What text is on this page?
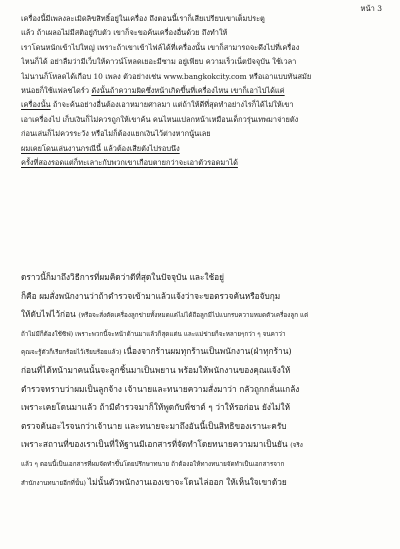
หน้า 3
เครื่องนี้มีเพลงละเมิดลิขสิทธิ์อยู่ในเครื่อง ถึงตอนนี้เราก็เสียเปรียบเขาเต็มประตู
แล้ว ถ้าเผลอไม่มีสติอยู่กับตัว เขาก็จะขอค้นเครื่องอื่นด้วย ถึงทำให้
เราโดนหนักเข้าไปใหญ่ เพราะถ้าเขาเข้าไฟล์ได้ที่เครื่องนั้น เขาก็สามารถจะดึงไปที่เครื่อง
ไหนก็ได้ อย่าลืมว่ามีเว็บให้ดาวน์โหลดเยอะมีซาม อยู่เพียบ ความเร็วเน็ตปัจจุบัน ใช้เวลา
ไม่นานก็โหลดได้เกือบ 10 เพลง ตัวอย่างเช่น www.bangkokcity.com หรือเอาแบบทันสมัย
หน่อยก็ใช้แฟลชไดร์ว ดังนั้นถ้าความผิดซึ่งหน้าเกิดขึ้นที่เครื่องไหน เขาก็เอาไปได้แค่
เครื่องนั้น ถ้าจะค้นอย่างอื่นต้องเอาหมายศาลมา แต่ถ้าให้ดีที่สุดทำอย่างไรก็ได้ไม่ให้เขา
เอาเครื่องไป เก็บเงินก็ไม่ควรถูกให้เขาค้น คนไหนแปลกหน้าเหมือนเด็กวรุ่นเทพมาจ่ายตัง
ก่อนเล่นก็ไม่ควรระวัง หรือไม่ก็ต้องแยกเงินไว้ต่างหากนู้นเลย
ผมเคยโดนเล่นงานกรณีนี้ แล้วต้องเสียตังไปรอบนึง
ครั้งที่สองรอดแต่ก็ทะเลาะกับพวกเขาเกือบตายกว่าจะเอาตัวรอดมาได้
ดราวนี้ก็มาถึงวิธีการที่ผมคิดว่าดีที่สุดในปัจจุบัน และใช้อยู่
ก็คือ ผมสั่งพนักงานว่าถ้าตำรวจเข้ามาแล้วแจ้งว่าจะขอตรวจค้นหรือจับกุม
ให้ดับไฟไว้ก่อน (หรือจะสั่งตัดเครื่องลูกข่ายทั้งหมดแต่ไม่ได้ถือลูกมีไปแบกรบความหมดตัวเครื่องลูก แต่
ถ้าไม่มีก็ต้องใช้ซิฟ) เพราะพวกนี้จะหน้าด้านมาแล้วก็สุดแต่น และแม่ข่ายก็จะหลายๆกว่า ๆ จนคาว่า
คุณจะรู้ตัวก็เรียกร้อยไว้เรียบร้อยแล้ว) เนื่องจากร้านผมทุกร้านเป็นพนักงาน(ฝ่าทุกร้าน)
ก่อนที่ได้หน้ามาคนนั้นจะลูกชิ้นมาเป็นพยาน พร้อมให้พนักงานของคุณแจ้งให้
ตำรวจทราบว่าผมเป็นลูกจ้าง เจ้านายและทนายความสั่งมาว่า กลัวถูกกลั่นแกล้ง
เพราะเคยโดนมาแล้ว ถ้ามีตำรวจมาก็ให้พูดกับพี่ชาต์ ๆ ว่าให้รอก่อน ยังไม่ให้
ตรวจค้นอะไรจนกว่าเจ้านาย และทนายจะมาถึงอันนี้เป็นสิทธิของเรานะครับ
เพราะสถานที่ของเราเป็นที่ให้ฐานมีเอกสารที่จัดทำโดยทนายความมาเป็นยัน (จริง
แล้ว ๆ ตอนนี้เป็นเอกสารที่ผมจัดทำขึ้นโดยปรึกษาทนาย ถ้าต้องอให้ทางทนายจัดทำเป็นเอกสารจาก
สำนักงานทนายอีกที่นั้น) ไม่นั้นตัวพนักงานเองเขาจะโดนไล่ออก ให้เห็นใจเขาด้วย
